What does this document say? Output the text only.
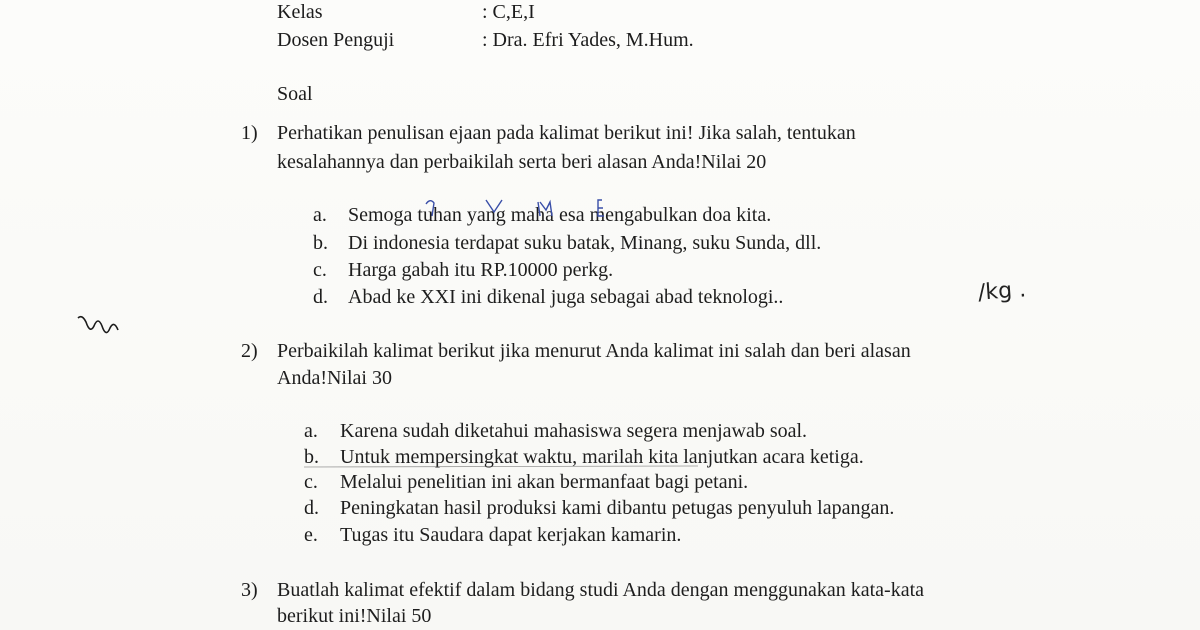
Kelas	: C,E,I
Dosen Penguji	: Dra. Efri Yades, M.Hum.
Soal
1) Perhatikan penulisan ejaan pada kalimat berikut ini! Jika salah, tentukan
kesalahannya dan perbaikilah serta beri alasan Anda!Nilai 20
a. Semoga tuhan yang maha esa mengabulkan doa kita.
b. Di indonesia terdapat suku batak, Minang, suku Sunda, dll.
c. Harga gabah itu RP.10000 perkg.
d. Abad ke XXI ini dikenal juga sebagai abad teknologi..	/kg .
2) Perbaikilah kalimat berikut jika menurut Anda kalimat ini salah dan beri alasan
Anda!Nilai 30
a. Karena sudah diketahui mahasiswa segera menjawab soal.
b. Untuk mempersingkat waktu, marilah kita lanjutkan acara ketiga.
c. Melalui penelitian ini akan bermanfaat bagi petani.
d. Peningkatan hasil produksi kami dibantu petugas penyuluh lapangan.
e. Tugas itu Saudara dapat kerjakan kamarin.
3) Buatlah kalimat efektif dalam bidang studi Anda dengan menggunakan kata-kata
berikut ini!Nilai 50
